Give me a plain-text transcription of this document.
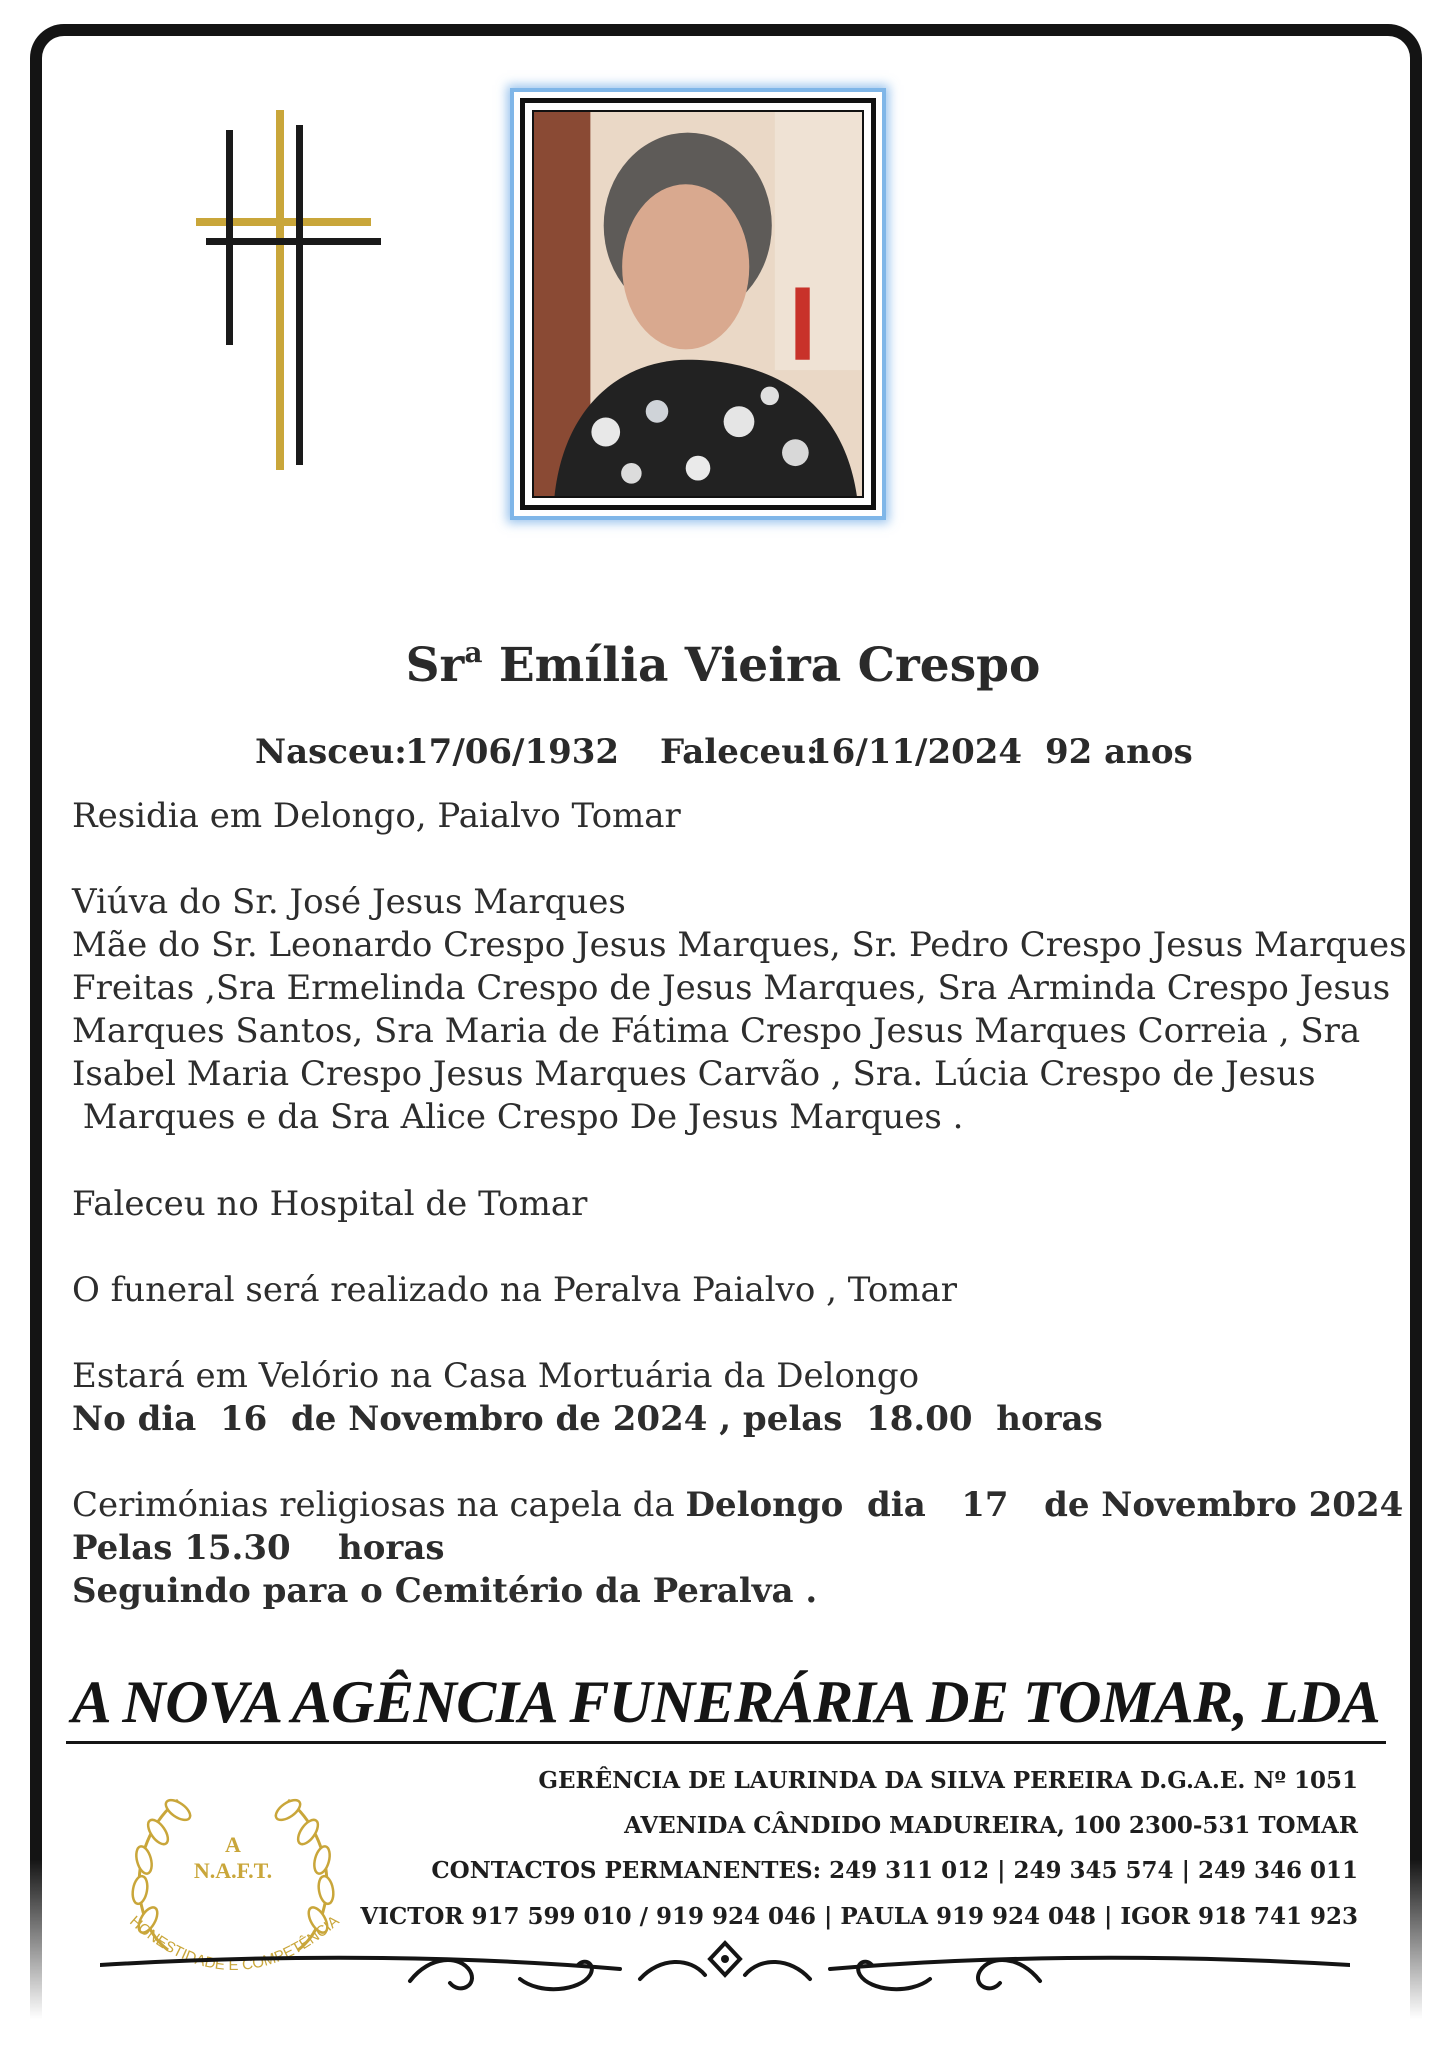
Sr$^a$ Emília Vieira Crespo
Nasceu:
17/06/1932 Faleceu:
16/11/2024 92 anos

Residia em Delongo, Paialvo Tomar

Viúva do Sr. José Jesus Marques

Mãe do Sr. Leonardo Crespo Jesus Marques, Sr. Pedro Crespo Jesus Marques

Freitas ,Sra Ermelinda Crespo de Jesus Marques, Sra Arminda Crespo Jesus

Marques Santos, Sra Maria de Fátima Crespo Jesus Marques Correia , Sra

Isabel Maria Crespo Jesus Marques Carvão , Sra. Lúcia Crespo de Jesus

Marques e da Sra Alice Crespo De Jesus Marques .

Faleceu no Hospital de Tomar

O funeral será realizado na Peralva Paialvo , Tomar

Estará em Velório na Casa Mortuária da Delongo

No dia  16  de Novembro de 2024 , pelas  18.00  horas

Cerimónias religiosas na capela da Delongo  dia   17   de Novembro 2024

Pelas 15.30    horas

Seguindo para o Cemitério da Peralva .

A NOVA AGÊNCIA FUNERÁRIA DE TOMAR, LDA
GERÊNCIA DE LAURINDA DA SILVA PEREIRA D.G.A.E. Nº 1051
AVENIDA CÂNDIDO MADUREIRA, 100 2300-531 TOMAR
CONTACTOS PERMANENTES: 249 311 012 | 249 345 574 | 249 346 011
VICTOR 917 599 010 / 919 924 046 | PAULA 919 924 048 | IGOR 918 741 923
A
N.A.F.T.
HONESTIDADE E COMPETÊNCIA
